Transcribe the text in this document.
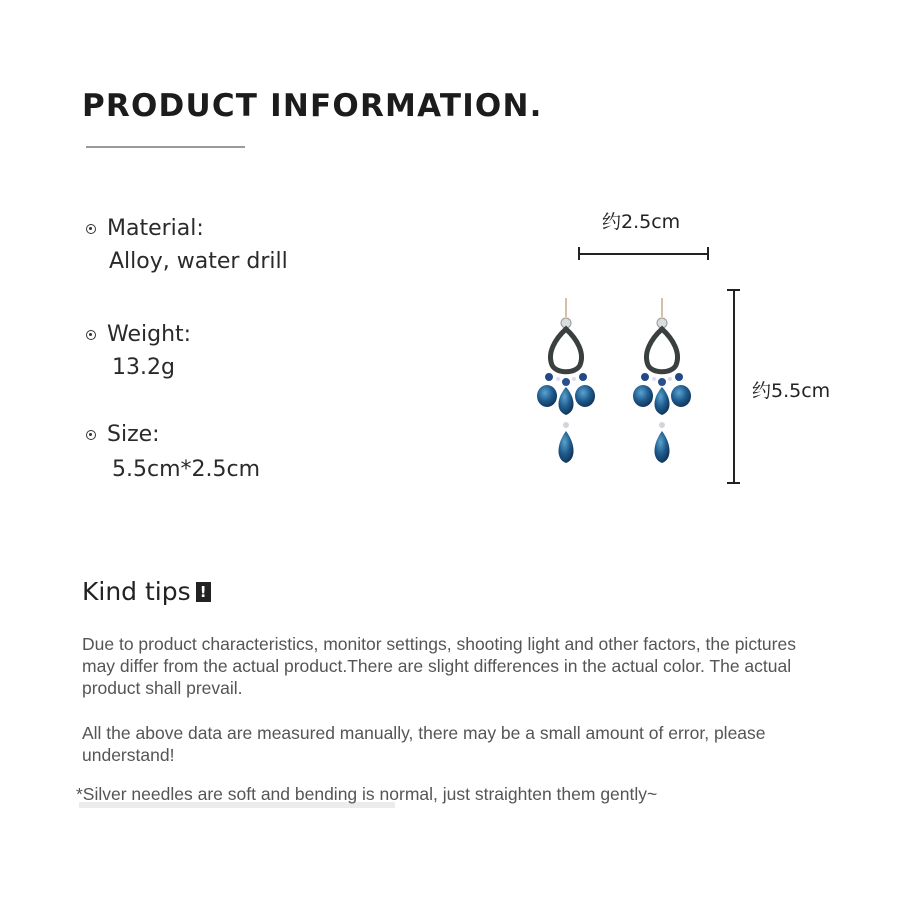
PRODUCT INFORMATION.
Material:
Alloy, water drill
Weight:
13.2g
Size:
5.5cm*2.5cm
约2.5cm
约5.5cm
Kind tips !
Due to product characteristics, monitor settings, shooting light and other factors, the pictures may differ from the actual product.There are slight differences in the actual color. The actual product shall prevail.
All the above data are measured manually, there may be a small amount of error, please understand!
*Silver needles are soft and bending is normal, just straighten them gently~
